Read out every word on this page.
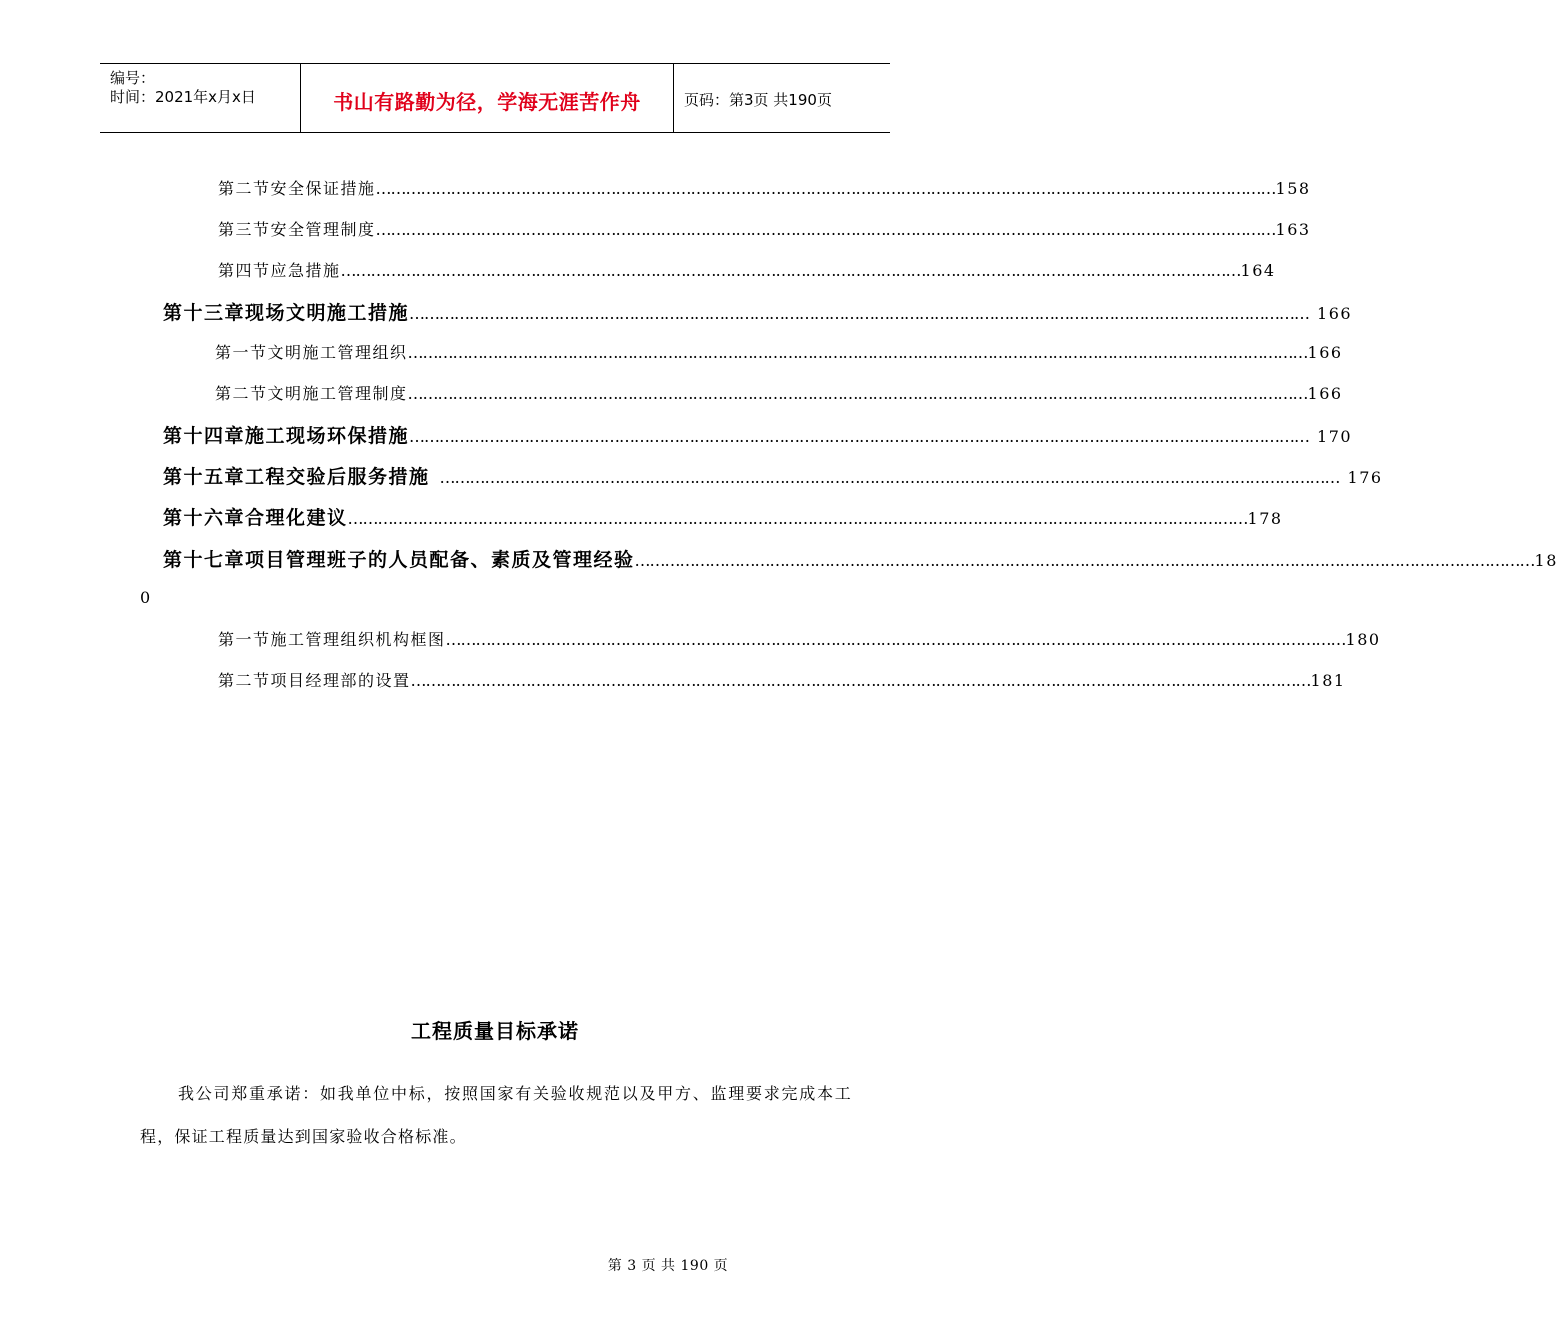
编号：
时间：2021年x月x日	书山有路勤为径，学海无涯苦作舟	页码：第3页 共190页
第二节 安全保证措施 ……………………………………………………………………………………………………………………………………………………………… 158
第三节 安全管理制度 ……………………………………………………………………………………………………………………………………………………………… 163
第四节 应急措施 ……………………………………………………………………………………………………………………………………………………………… 164
第十三章 现场文明施工措施 ……………………………………………………………………………………………………………………………………………………………… 166
第一节 文明施工管理组织 ……………………………………………………………………………………………………………………………………………………………… 166
第二节 文明施工管理制度 ……………………………………………………………………………………………………………………………………………………………… 166
第十四章 施工现场环保措施 ……………………………………………………………………………………………………………………………………………………………… 170
第十五章 工程交验后服务措施 ……………………………………………………………………………………………………………………………………………………………… 176
第十六章 合理化建议 ……………………………………………………………………………………………………………………………………………………………… 178
第十七章 项目管理班子的人员配备、素质及管理经验 ……………………………………………………………………………………………………………………………………………………………… 18
0
第一节 施工管理组织机构框图 ……………………………………………………………………………………………………………………………………………………………… 180
第二节 项目经理部的设置 ……………………………………………………………………………………………………………………………………………………………… 181
工程质量目标承诺
我公司郑重承诺：如我单位中标，按照国家有关验收规范以及甲方、监理要求完成本工程，保证工程质量达到国家验收合格标准。
第 3 页 共 190 页
